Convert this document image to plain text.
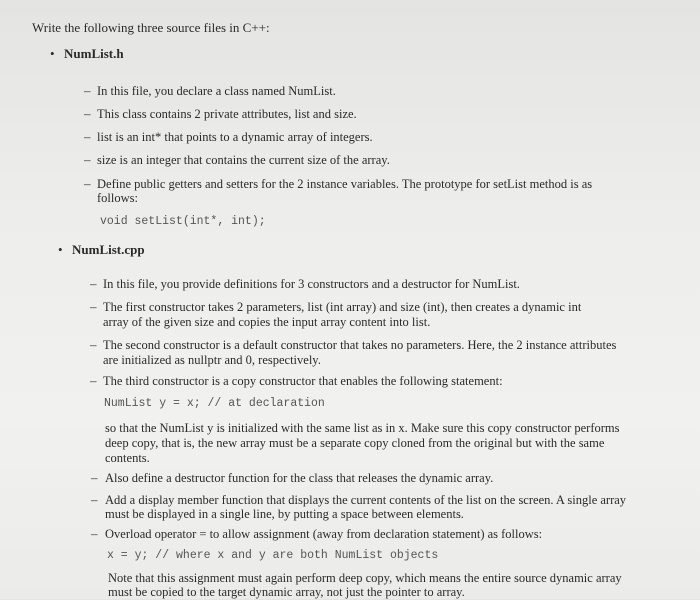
Write the following three source files in C++:
• NumList.h
– In this file, you declare a class named NumList.
– This class contains 2 private attributes, list and size.
– list is an int* that points to a dynamic array of integers.
– size is an integer that contains the current size of the array.
– Define public getters and setters for the 2 instance variables. The prototype for setList method is as
follows:
void setList(int*, int);
• NumList.cpp
– In this file, you provide definitions for 3 constructors and a destructor for NumList.
– The first constructor takes 2 parameters, list (int array) and size (int), then creates a dynamic int
array of the given size and copies the input array content into list.
– The second constructor is a default constructor that takes no parameters. Here, the 2 instance attributes
are initialized as nullptr and 0, respectively.
– The third constructor is a copy constructor that enables the following statement:
NumList y = x; // at declaration
so that the NumList y is initialized with the same list as in x. Make sure this copy constructor performs
deep copy, that is, the new array must be a separate copy cloned from the original but with the same
contents.
– Also define a destructor function for the class that releases the dynamic array.
– Add a display member function that displays the current contents of the list on the screen. A single array
must be displayed in a single line, by putting a space between elements.
– Overload operator = to allow assignment (away from declaration statement) as follows:
x = y; // where x and y are both NumList objects
Note that this assignment must again perform deep copy, which means the entire source dynamic array
must be copied to the target dynamic array, not just the pointer to array.
